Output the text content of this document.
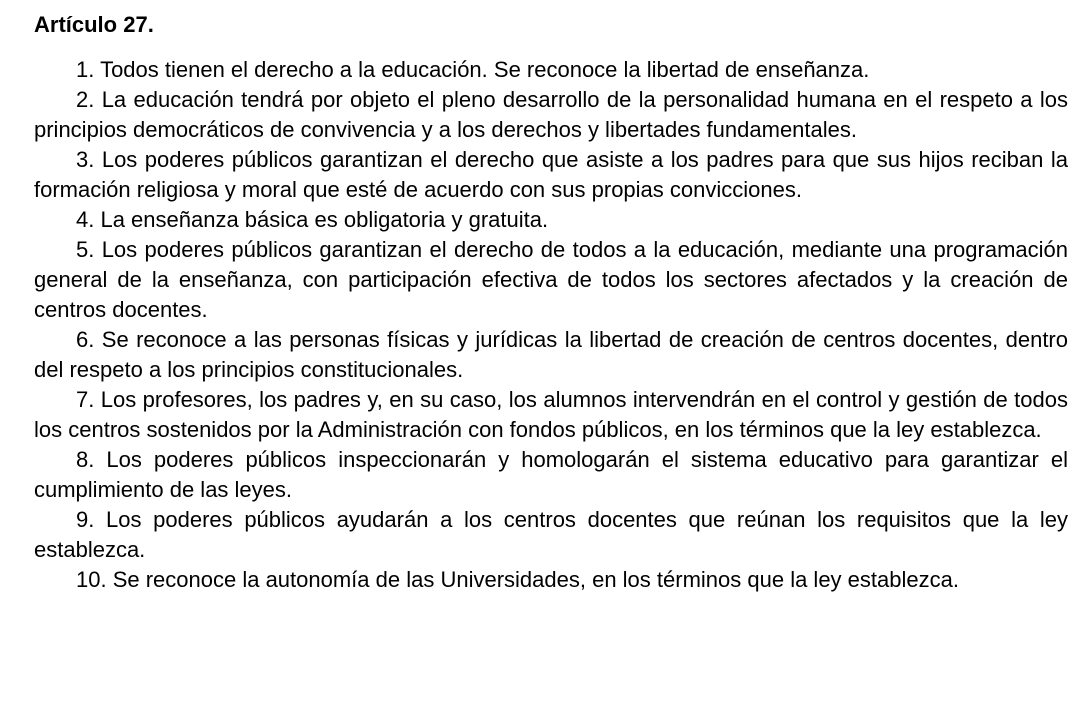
Artículo 27.

1. Todos tienen el derecho a la educación. Se reconoce la libertad de enseñanza.

2. La educación tendrá por objeto el pleno desarrollo de la personalidad humana en el respeto a los principios democráticos de convivencia y a los derechos y libertades fundamentales.

3. Los poderes públicos garantizan el derecho que asiste a los padres para que sus hijos reciban la formación religiosa y moral que esté de acuerdo con sus propias convicciones.

4. La enseñanza básica es obligatoria y gratuita.

5. Los poderes públicos garantizan el derecho de todos a la educación, mediante una programación general de la enseñanza, con participación efectiva de todos los sectores afectados y la creación de centros docentes.

6. Se reconoce a las personas físicas y jurídicas la libertad de creación de centros docentes, dentro del respeto a los principios constitucionales.

7. Los profesores, los padres y, en su caso, los alumnos intervendrán en el control y gestión de todos los centros sostenidos por la Administración con fondos públicos, en los términos que la ley establezca.

8. Los poderes públicos inspeccionarán y homologarán el sistema educativo para garantizar el cumplimiento de las leyes.

9. Los poderes públicos ayudarán a los centros docentes que reúnan los requisitos que la ley establezca.

10. Se reconoce la autonomía de las Universidades, en los términos que la ley establezca.
